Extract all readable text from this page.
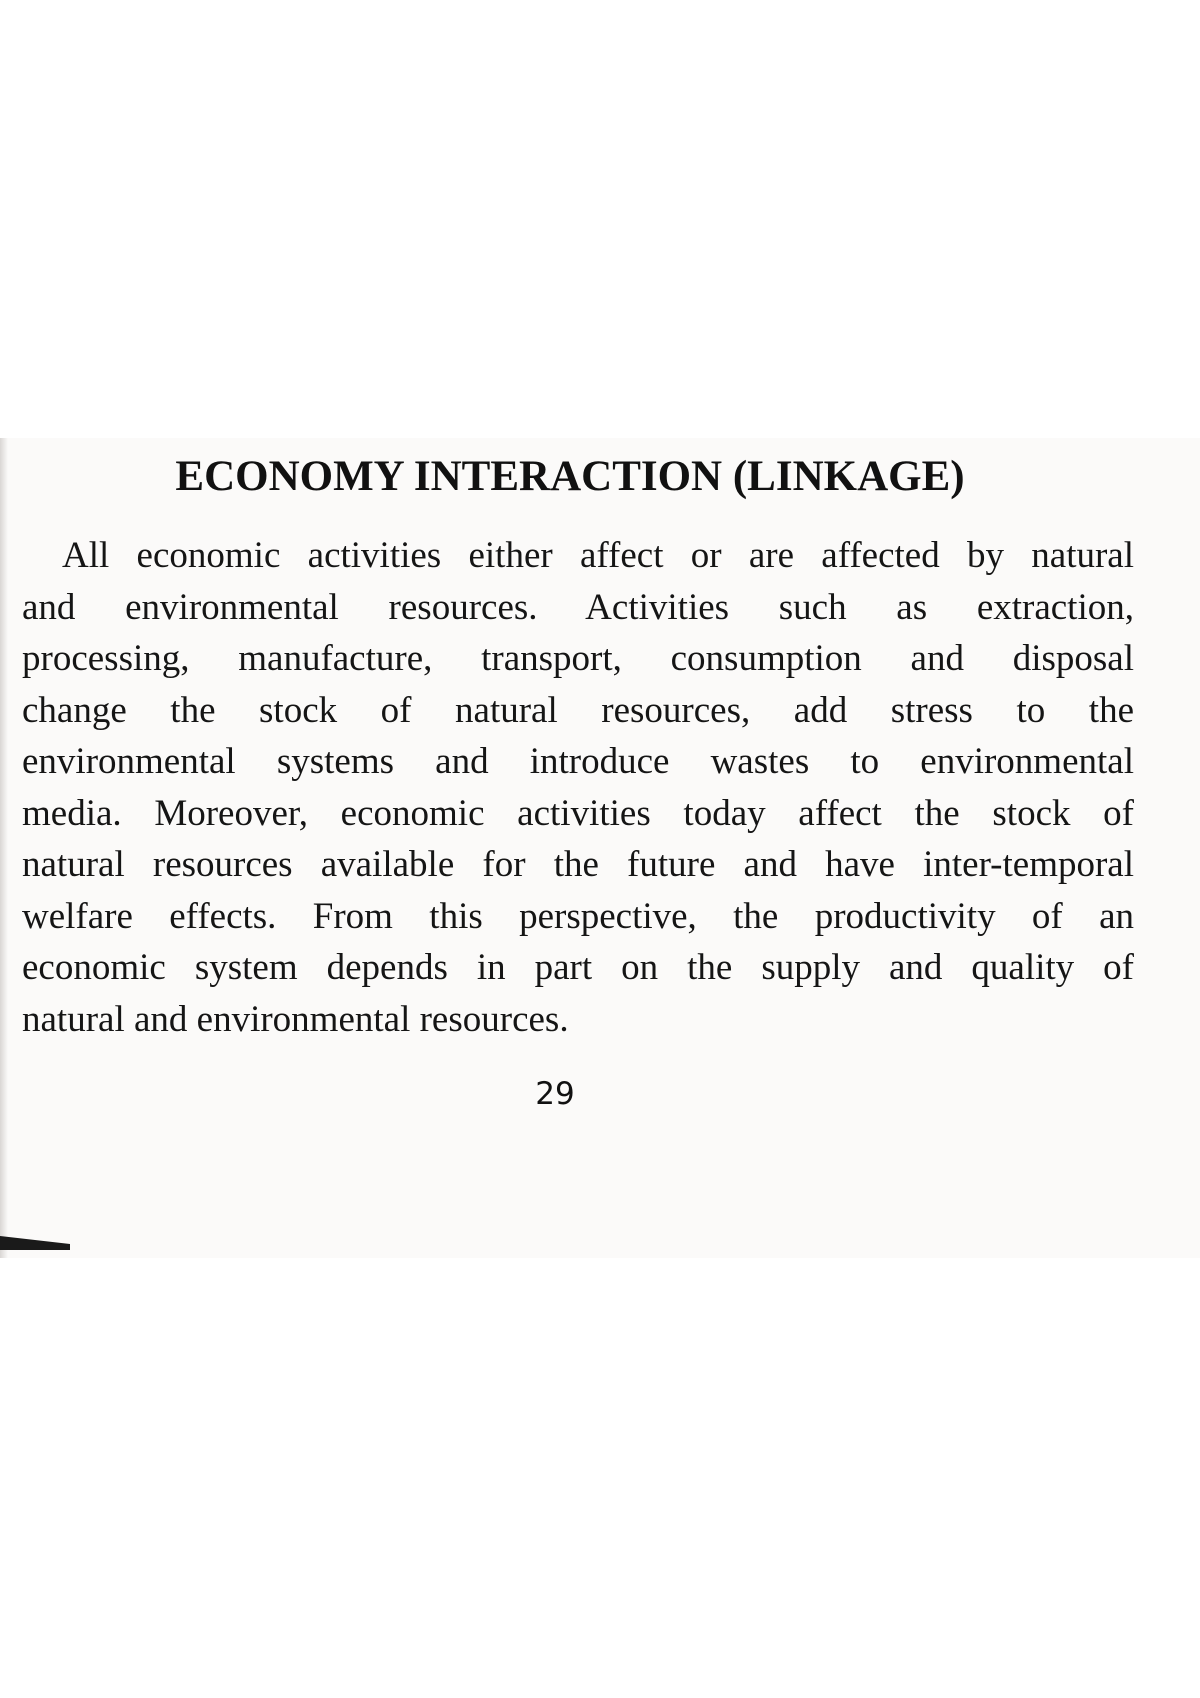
ECONOMY INTERACTION (LINKAGE)

All economic activities either affect or are affected by natural
and environmental resources. Activities such as extraction,
processing, manufacture, transport, consumption and disposal
change the stock of natural resources, add stress to the
environmental systems and introduce wastes to environmental
media. Moreover, economic activities today affect the stock of
natural resources available for the future and have inter-temporal
welfare effects. From this perspective, the productivity of an
economic system depends in part on the supply and quality of
natural and environmental resources.

29
